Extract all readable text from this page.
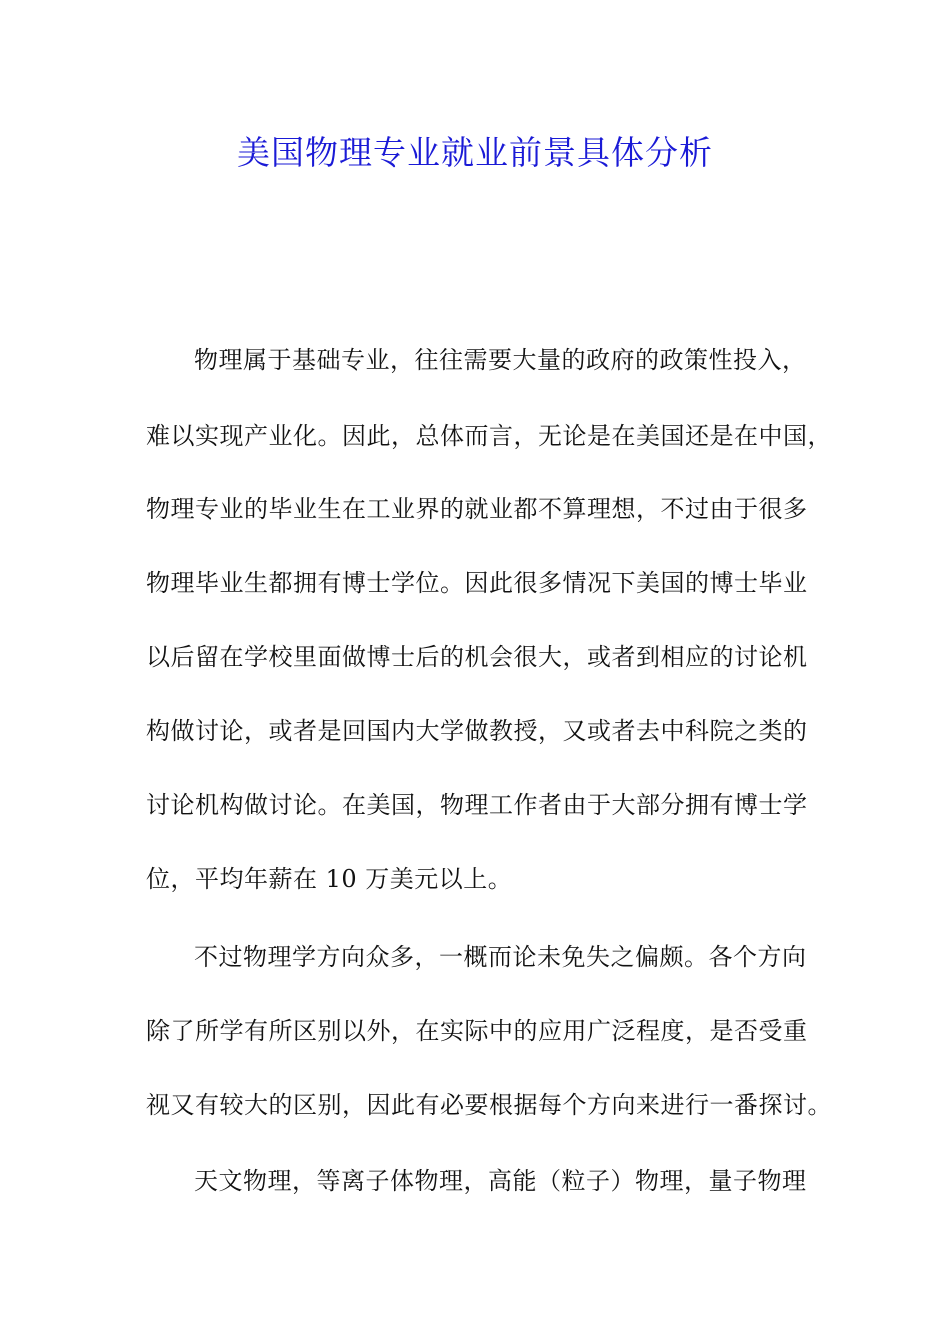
美国物理专业就业前景具体分析
物理属于基础专业，往往需要大量的政府的政策性投入，
难以实现产业化。因此，总体而言，无论是在美国还是在中国，
物理专业的毕业生在工业界的就业都不算理想，不过由于很多
物理毕业生都拥有博士学位。因此很多情况下美国的博士毕业
以后留在学校里面做博士后的机会很大，或者到相应的讨论机
构做讨论，或者是回国内大学做教授，又或者去中科院之类的
讨论机构做讨论。在美国，物理工作者由于大部分拥有博士学
位，平均年薪在 10 万美元以上。
不过物理学方向众多，一概而论未免失之偏颇。各个方向
除了所学有所区别以外，在实际中的应用广泛程度，是否受重
视又有较大的区别，因此有必要根据每个方向来进行一番探讨。
天文物理，等离子体物理，高能（粒子）物理，量子物理
